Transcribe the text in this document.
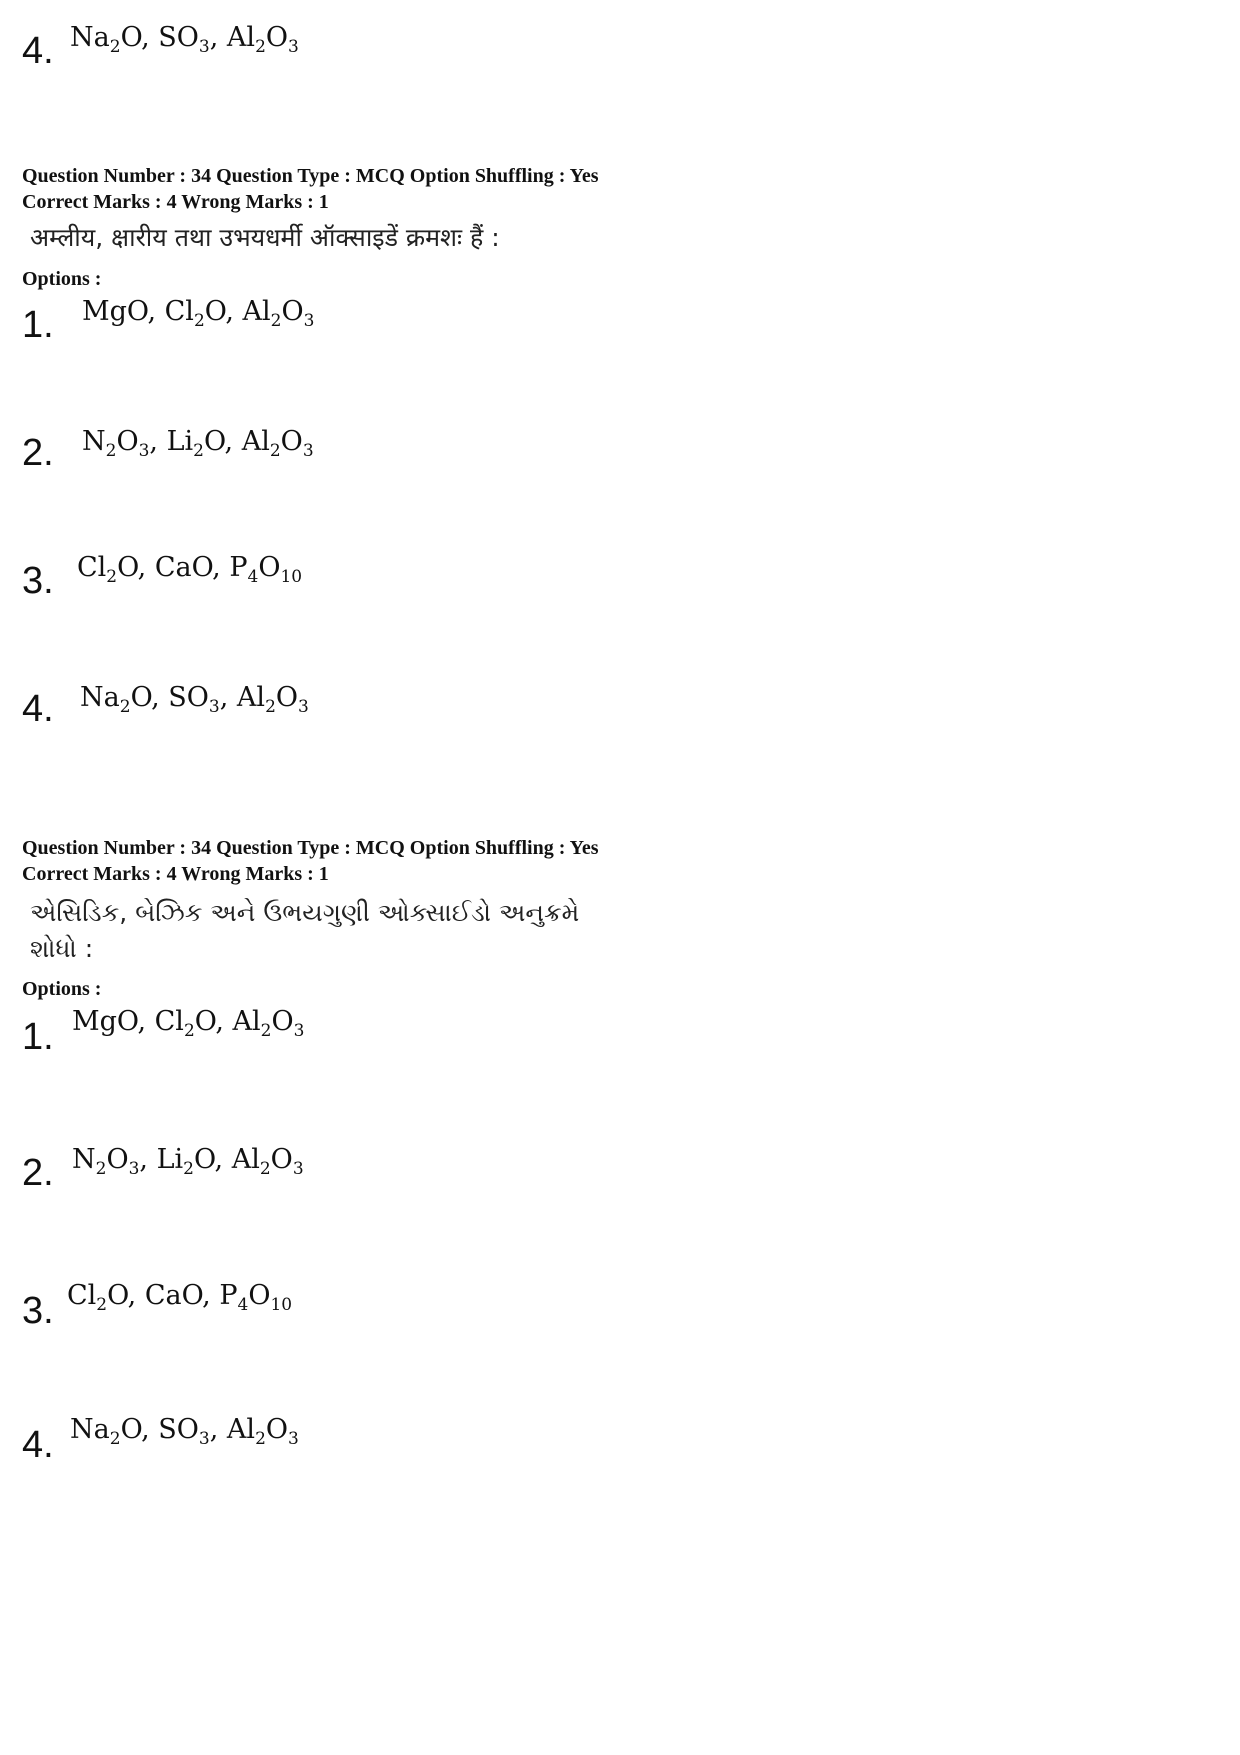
4. $Na_2O$, $SO_3$, $Al_2O_3$
Question Number : 34 Question Type : MCQ Option Shuffling : Yes
Correct Marks : 4 Wrong Marks : 1
अम्लीय, क्षारीय तथा उभयधर्मी ऑक्साइडें क्रमशः हैं :
Options :
1. MgO, $Cl_2O$, $Al_2O_3$
2. $N_2O_3$, $Li_2O$, $Al_2O_3$
3. $Cl_2O$, CaO, $P_4O_{10}$
4. $Na_2O$, $SO_3$, $Al_2O_3$
Question Number : 34 Question Type : MCQ Option Shuffling : Yes
Correct Marks : 4 Wrong Marks : 1
એસિડિક, બેઝિક અને ઉભયગુણી ઓક્સાઈડો અનુક્રમે
શોધો :
Options :
1. MgO, $Cl_2O$, $Al_2O_3$
2. $N_2O_3$, $Li_2O$, $Al_2O_3$
3. $Cl_2O$, CaO, $P_4O_{10}$
4. $Na_2O$, $SO_3$, $Al_2O_3$
